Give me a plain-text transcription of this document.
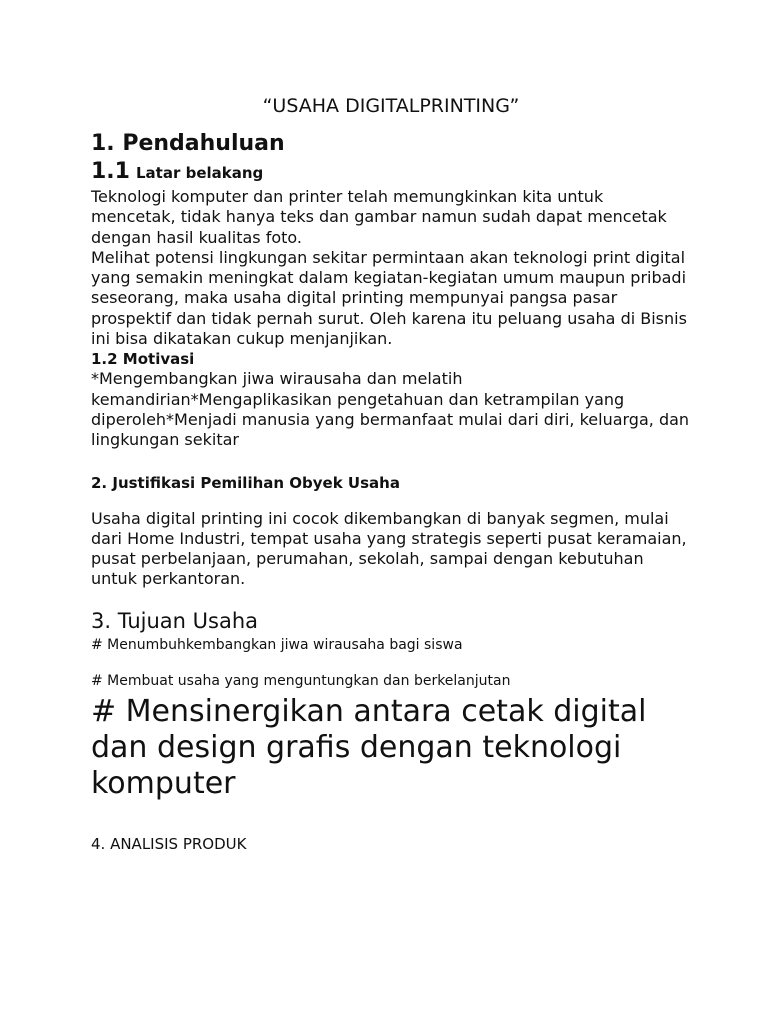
“USAHA DIGITALPRINTING”
1. Pendahuluan
1.1 Latar belakang
Teknologi komputer dan printer telah memungkinkan kita untuk mencetak, tidak hanya teks dan gambar namun sudah dapat mencetak dengan hasil kualitas foto.
Melihat potensi lingkungan sekitar permintaan akan teknologi print digital yang semakin meningkat dalam kegiatan-kegiatan umum maupun pribadi seseorang, maka usaha digital printing mempunyai pangsa pasar prospektif dan tidak pernah surut. Oleh karena itu peluang usaha di Bisnis ini bisa dikatakan cukup menjanjikan.
1.2 Motivasi
*Mengembangkan jiwa wirausaha dan melatih kemandirian*Mengaplikasikan pengetahuan dan ketrampilan yang diperoleh*Menjadi manusia yang bermanfaat mulai dari diri, keluarga, dan lingkungan sekitar
2. Justifikasi Pemilihan Obyek Usaha
Usaha digital printing ini cocok dikembangkan di banyak segmen, mulai dari Home Industri, tempat usaha yang strategis seperti pusat keramaian, pusat perbelanjaan, perumahan, sekolah, sampai dengan kebutuhan untuk perkantoran.
3. Tujuan Usaha
# Menumbuhkembangkan jiwa wirausaha bagi siswa
# Membuat usaha yang menguntungkan dan berkelanjutan
# Mensinergikan antara cetak digital dan design grafis dengan teknologi komputer
4. ANALISIS PRODUK
